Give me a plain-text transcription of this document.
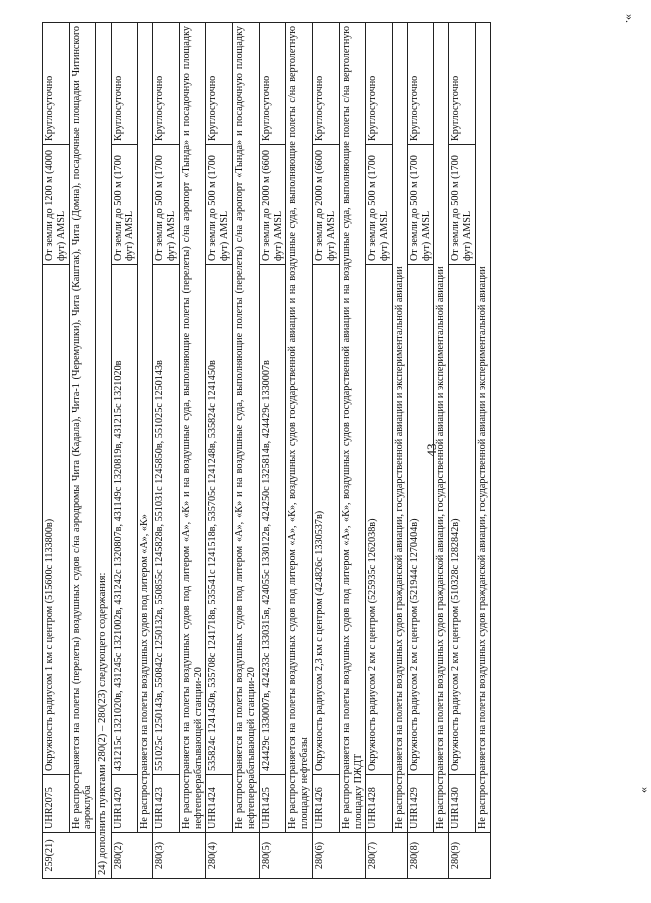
43
».
«
259(21)	UHR2075	Окружность радиусом 1 км с центром (515600с 1133800в)	От земли до 1200 м (4000 фут) AMSL	Круглосуточно
	Не распространяется на полеты (перелеты) воздушных судов с/на аэродромы Чита (Кадала), Чита-1 (Черемушки), Чита (Каштак), Чита (Домна), посадочные площадки Читинского аэроклуба			
24) дополнить пунктами 280(2) – 280(23) следующего содержания:				
280(2)	UHR1420	431215с 1321020в, 431245с 1321002в, 431242с 1320807в, 431149с 1320819в, 431215с 1321020в	От земли до 500 м (1700 фут) AMSL	Круглосуточно
	Не распространяется на полеты воздушных судов под литером «А», «К»			
280(3)	UHR1423	551025с 1250143в, 550842с 1250132в, 550855с 1245828в, 551031с 1245850в, 551025с 1250143в	От земли до 500 м (1700 фут) AMSL	Круглосуточно
	Не распространяется на полеты воздушных судов под литером «А», «К» и на воздушные суда, выполняющие полеты (перелеты) с/на аэропорт «Тында» и посадочную площадку нефтеперерабатывающей станции-20			
280(4)	UHR1424	535824с 1241450в, 535708с 1241718в, 535541с 1241518в, 535705с 1241248в, 535824с 1241450в	От земли до 500 м (1700 фут) AMSL	Круглосуточно
	Не распространяется на полеты воздушных судов под литером «А», «К» и на воздушные суда, выполняющие полеты (перелеты) с/на аэропорт «Тында» и посадочную площадку нефтеперерабатывающей станции-20			
280(5)	UHR1425	424429с 1330007в, 424233с 1330315в, 424055с 1330122в, 424250с 1325814в, 424429с 1330007в	От земли до 2000 м (6600 фут) AMSL	Круглосуточно
	Не распространяется на полеты воздушных судов под литером «А», «К», воздушных судов государственной авиации и на воздушные суда, выполняющие полеты с/на вертолетную площадку нефтебазы			
280(6)	UHR1426	Окружность радиусом 2,3 км с центром (424826с 1330537в)	От земли до 2000 м (6600 фут) AMSL	Круглосуточно
	Не распространяется на полеты воздушных судов под литером «А», «К», воздушных судов государственной авиации и на воздушные суда, выполняющие полеты с/на вертолетную площадку ПЖДТ			
280(7)	UHR1428	Окружность радиусом 2 км с центром (525935с 1262038в)	От земли до 500 м (1700 фут) AMSL	Круглосуточно
	Не распространяется на полеты воздушных судов гражданской авиации, государственной авиации и экспериментальной авиации			
280(8)	UHR1429	Окружность радиусом 2 км с центром (521944с 1270404в)	От земли до 500 м (1700 фут) AMSL	Круглосуточно
	Не распространяется на полеты воздушных судов гражданской авиации, государственной авиации и экспериментальной авиации			
280(9)	UHR1430	Окружность радиусом 2 км с центром (510328с 1282842в)	От земли до 500 м (1700 фут) AMSL	Круглосуточно
	Не распространяется на полеты воздушных судов гражданской авиации, государственной авиации и экспериментальной авиации			
